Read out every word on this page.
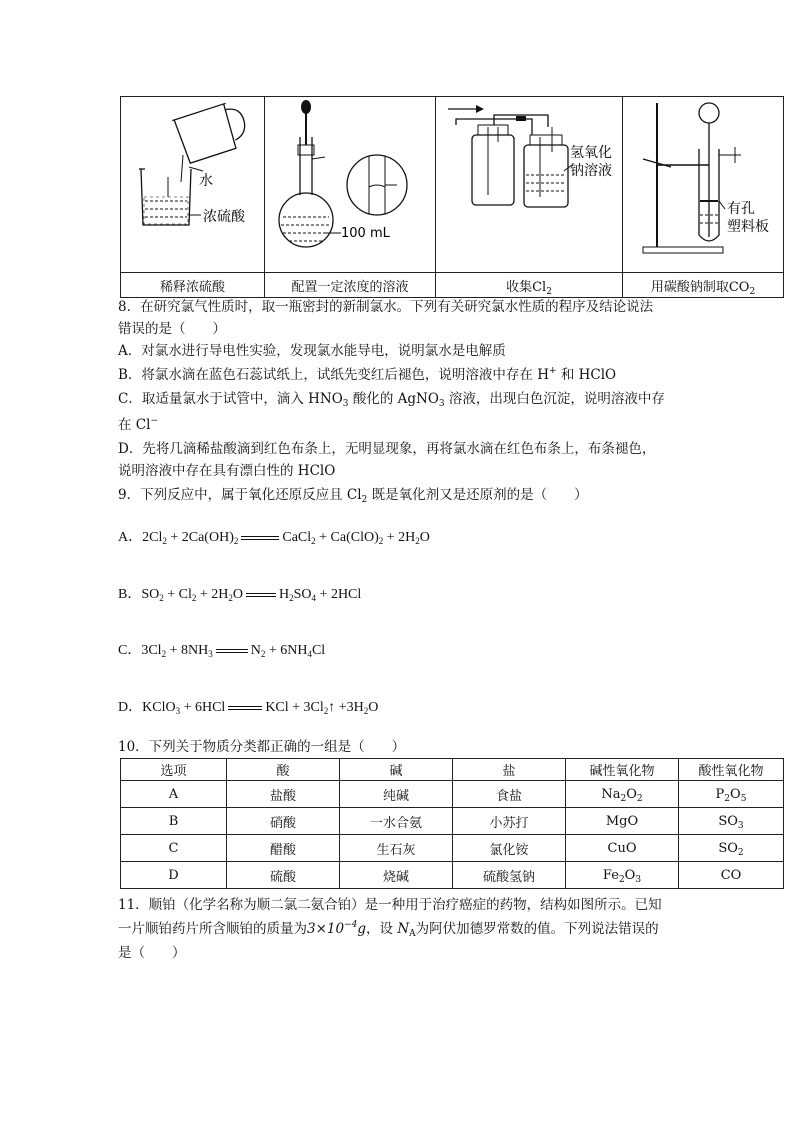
水
浓硫酸	100 mL	氢氧化
钠溶液	有孔
塑料板

稀释浓硫酸	配置一定浓度的溶液	收集$Cl_2$	用碳酸钠制取$CO_2$
8．在研究氯气性质时，取一瓶密封的新制氯水。下列有关研究氯水性质的程序及结论说法
错误的是（　　）
A．对氯水进行导电性实验，发现氯水能导电，说明氯水是电解质
B．将氯水滴在蓝色石蕊试纸上，试纸先变红后褪色，说明溶液中存在 H+ 和 HClO
C．取适量氯水于试管中，滴入 $HNO_3$ 酸化的 AgNO$_3$ 溶液，出现白色沉淀，说明溶液中存
在 Cl−
D．先将几滴稀盐酸滴到红色布条上，无明显现象，再将氯水滴在红色布条上，布条褪色，
说明溶液中存在具有漂白性的 HClO
9．下列反应中，属于氧化还原反应且 $Cl_2$ 既是氧化剂又是还原剂的是（　　）
A．$2Cl_2 + 2Ca(OH)_2$	CaCl$_2$ + $Ca(ClO)_2 + 2H_2O$
B．$SO_2 + Cl_2 + 2H_2O$	$H_2SO_4 + 2HCl$
C．$3Cl_2 + 8NH_3$	$N_2 + 6NH_4Cl$
D．KClO$_3$ + 6HCl	KCl + $3Cl_2↑ +3H_2O$
10．下列关于物质分类都正确的一组是（　　）
选项	酸	碱	盐	碱性氧化物	酸性氧化物
A	盐酸	纯碱	食盐	$Na_2O_2$	$P_2O_5$
B	硝酸	一水合氨	小苏打	MgO	$SO_3$
C	醋酸	生石灰	氯化铵	CuO	$SO_2$
D	硫酸	烧碱	硫酸氢钠	$Fe_2O_3$	CO
11．顺铂（化学名称为顺二氯二氨合铂）是一种用于治疗癌症的药物，结构如图所示。已知
一片顺铂药片所含顺铂的质量为$3\times 10^{-4}g$，设 $N_A$为阿伏加德罗常数的值。下列说法错误的
是（　　）
